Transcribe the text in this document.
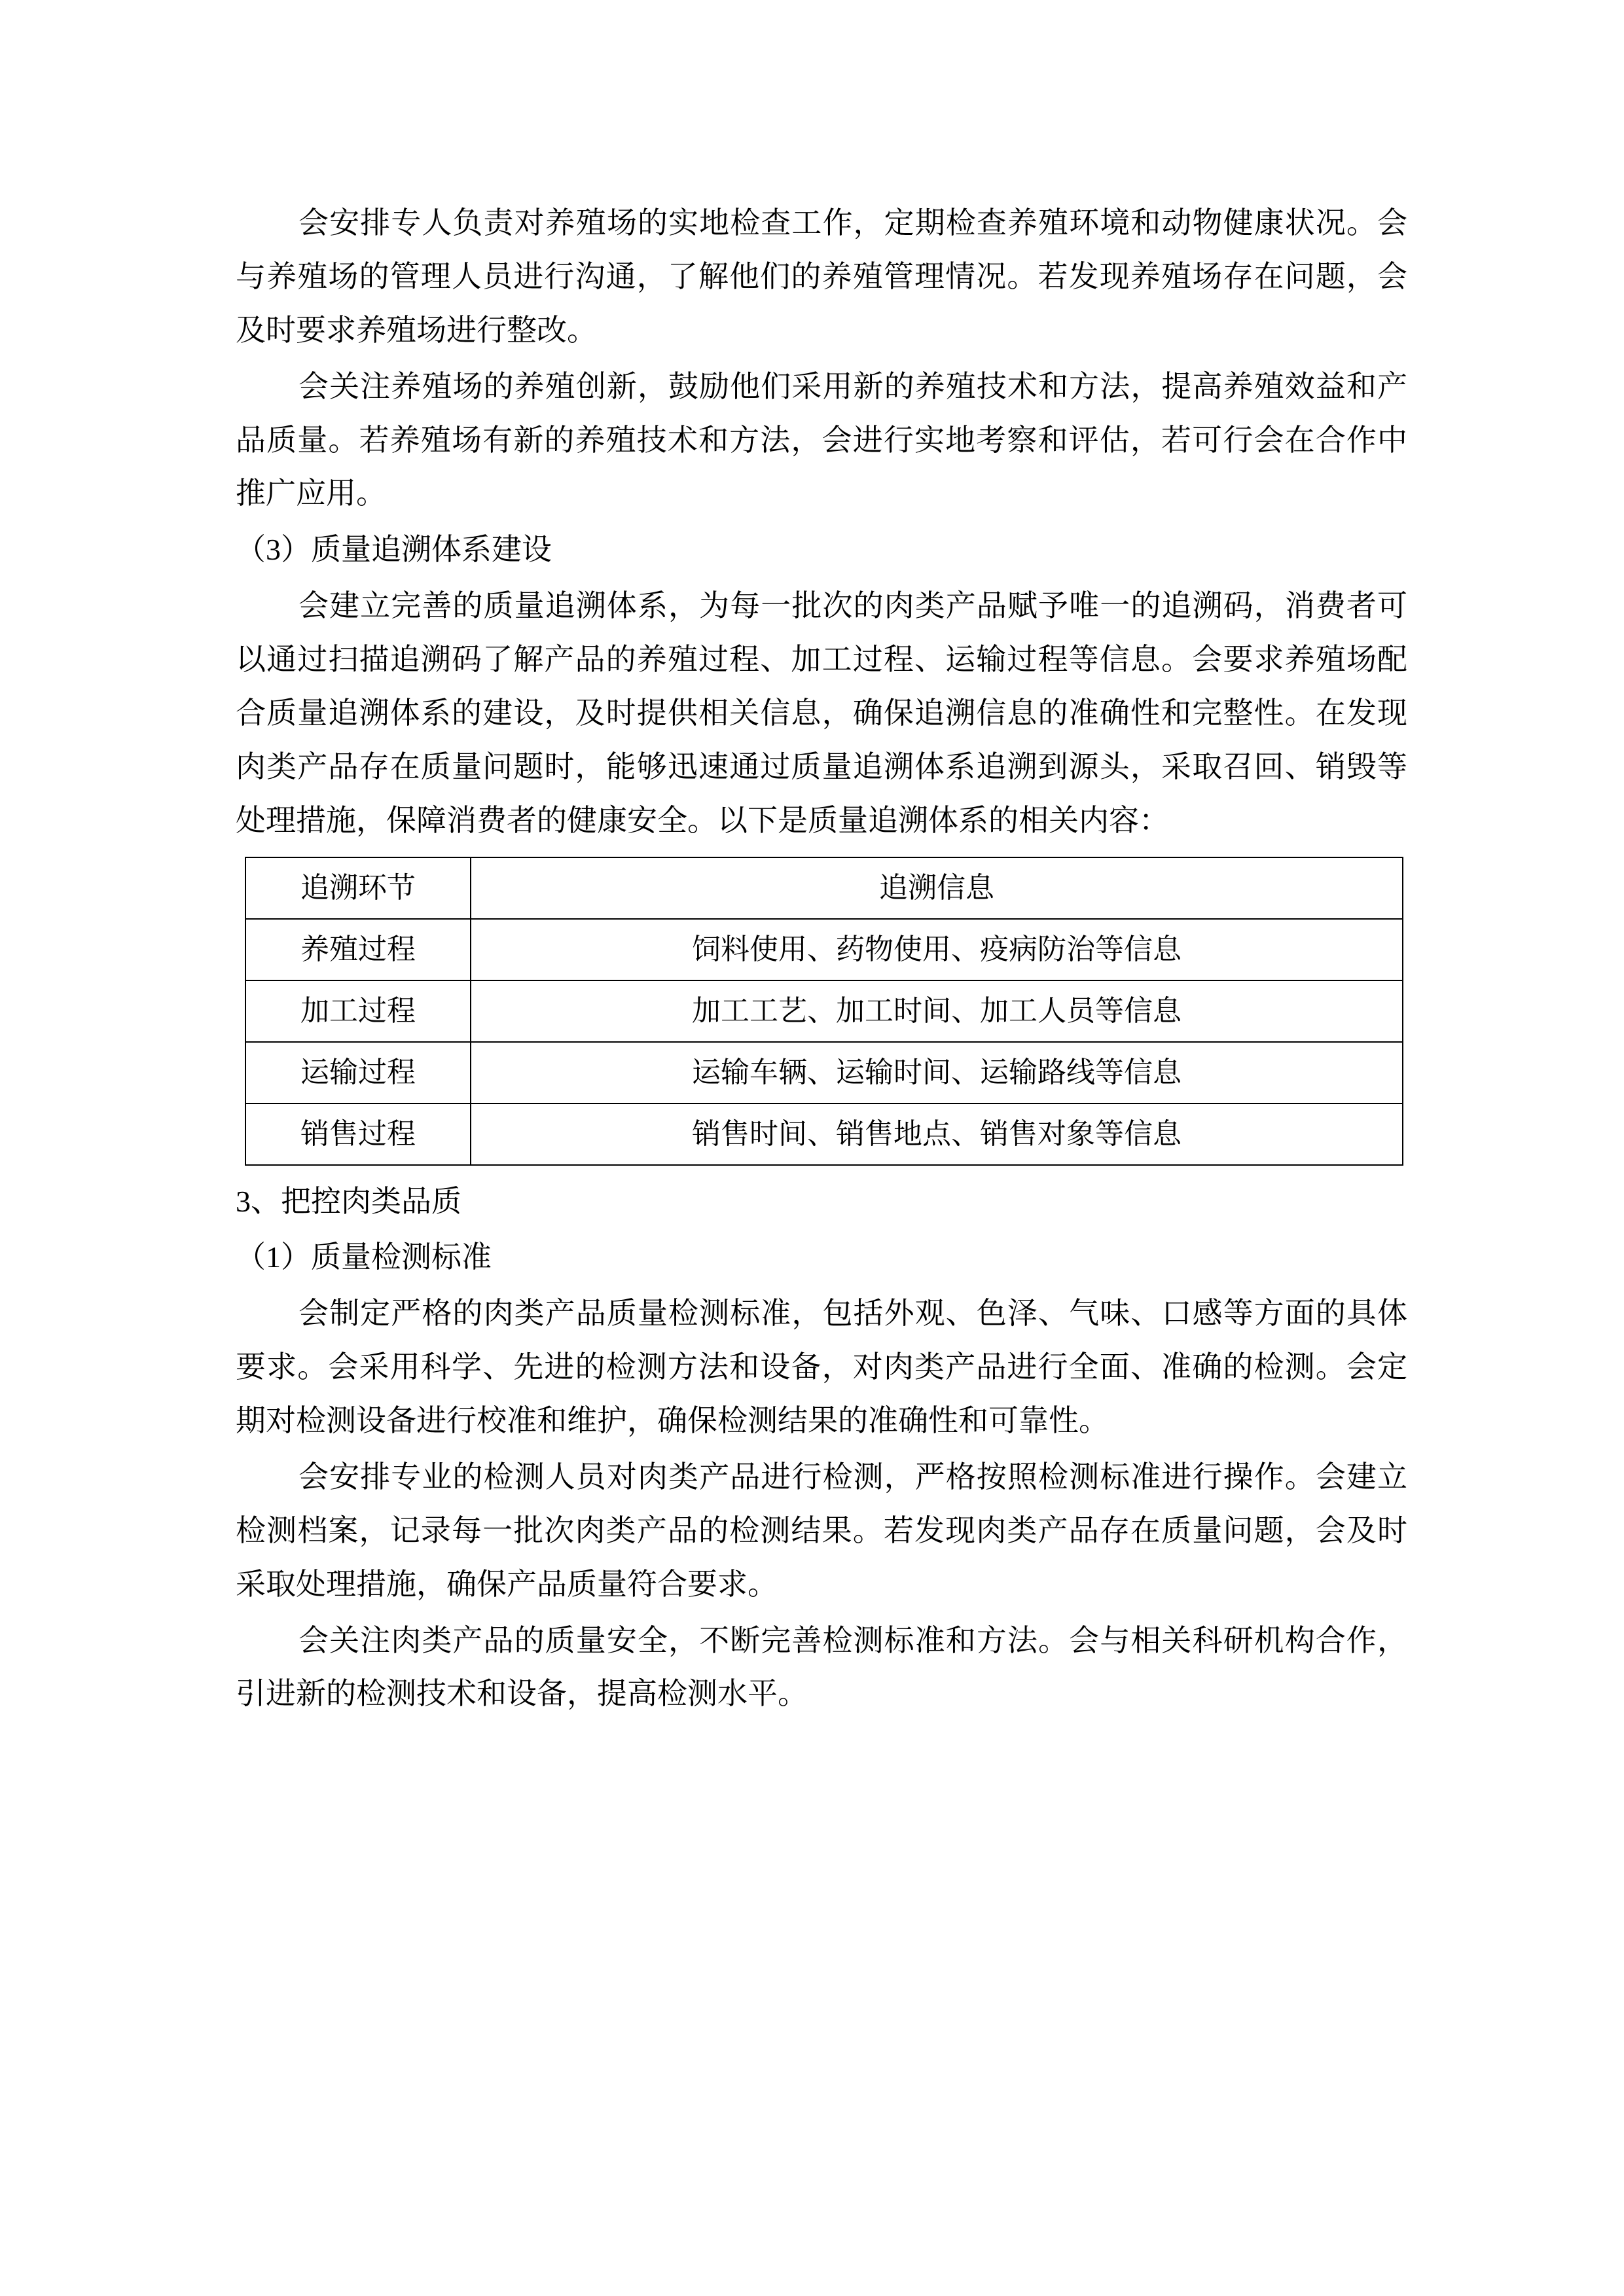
会安排专人负责对养殖场的实地检查工作，定期检查养殖环境和动物健康状况。会与养殖场的管理人员进行沟通，了解他们的养殖管理情况。若发现养殖场存在问题，会及时要求养殖场进行整改。

会关注养殖场的养殖创新，鼓励他们采用新的养殖技术和方法，提高养殖效益和产品质量。若养殖场有新的养殖技术和方法，会进行实地考察和评估，若可行会在合作中推广应用。

（3）质量追溯体系建设

会建立完善的质量追溯体系，为每一批次的肉类产品赋予唯一的追溯码，消费者可以通过扫描追溯码了解产品的养殖过程、加工过程、运输过程等信息。会要求养殖场配合质量追溯体系的建设，及时提供相关信息，确保追溯信息的准确性和完整性。在发现肉类产品存在质量问题时，能够迅速通过质量追溯体系追溯到源头，采取召回、销毁等处理措施，保障消费者的健康安全。以下是质量追溯体系的相关内容：

追溯环节	追溯信息
养殖过程	饲料使用、药物使用、疫病防治等信息
加工过程	加工工艺、加工时间、加工人员等信息
运输过程	运输车辆、运输时间、运输路线等信息
销售过程	销售时间、销售地点、销售对象等信息

3、把控肉类品质

（1）质量检测标准

会制定严格的肉类产品质量检测标准，包括外观、色泽、气味、口感等方面的具体要求。会采用科学、先进的检测方法和设备，对肉类产品进行全面、准确的检测。会定期对检测设备进行校准和维护，确保检测结果的准确性和可靠性。

会安排专业的检测人员对肉类产品进行检测，严格按照检测标准进行操作。会建立检测档案，记录每一批次肉类产品的检测结果。若发现肉类产品存在质量问题，会及时采取处理措施，确保产品质量符合要求。

会关注肉类产品的质量安全，不断完善检测标准和方法。会与相关科研机构合作，引进新的检测技术和设备，提高检测水平。
